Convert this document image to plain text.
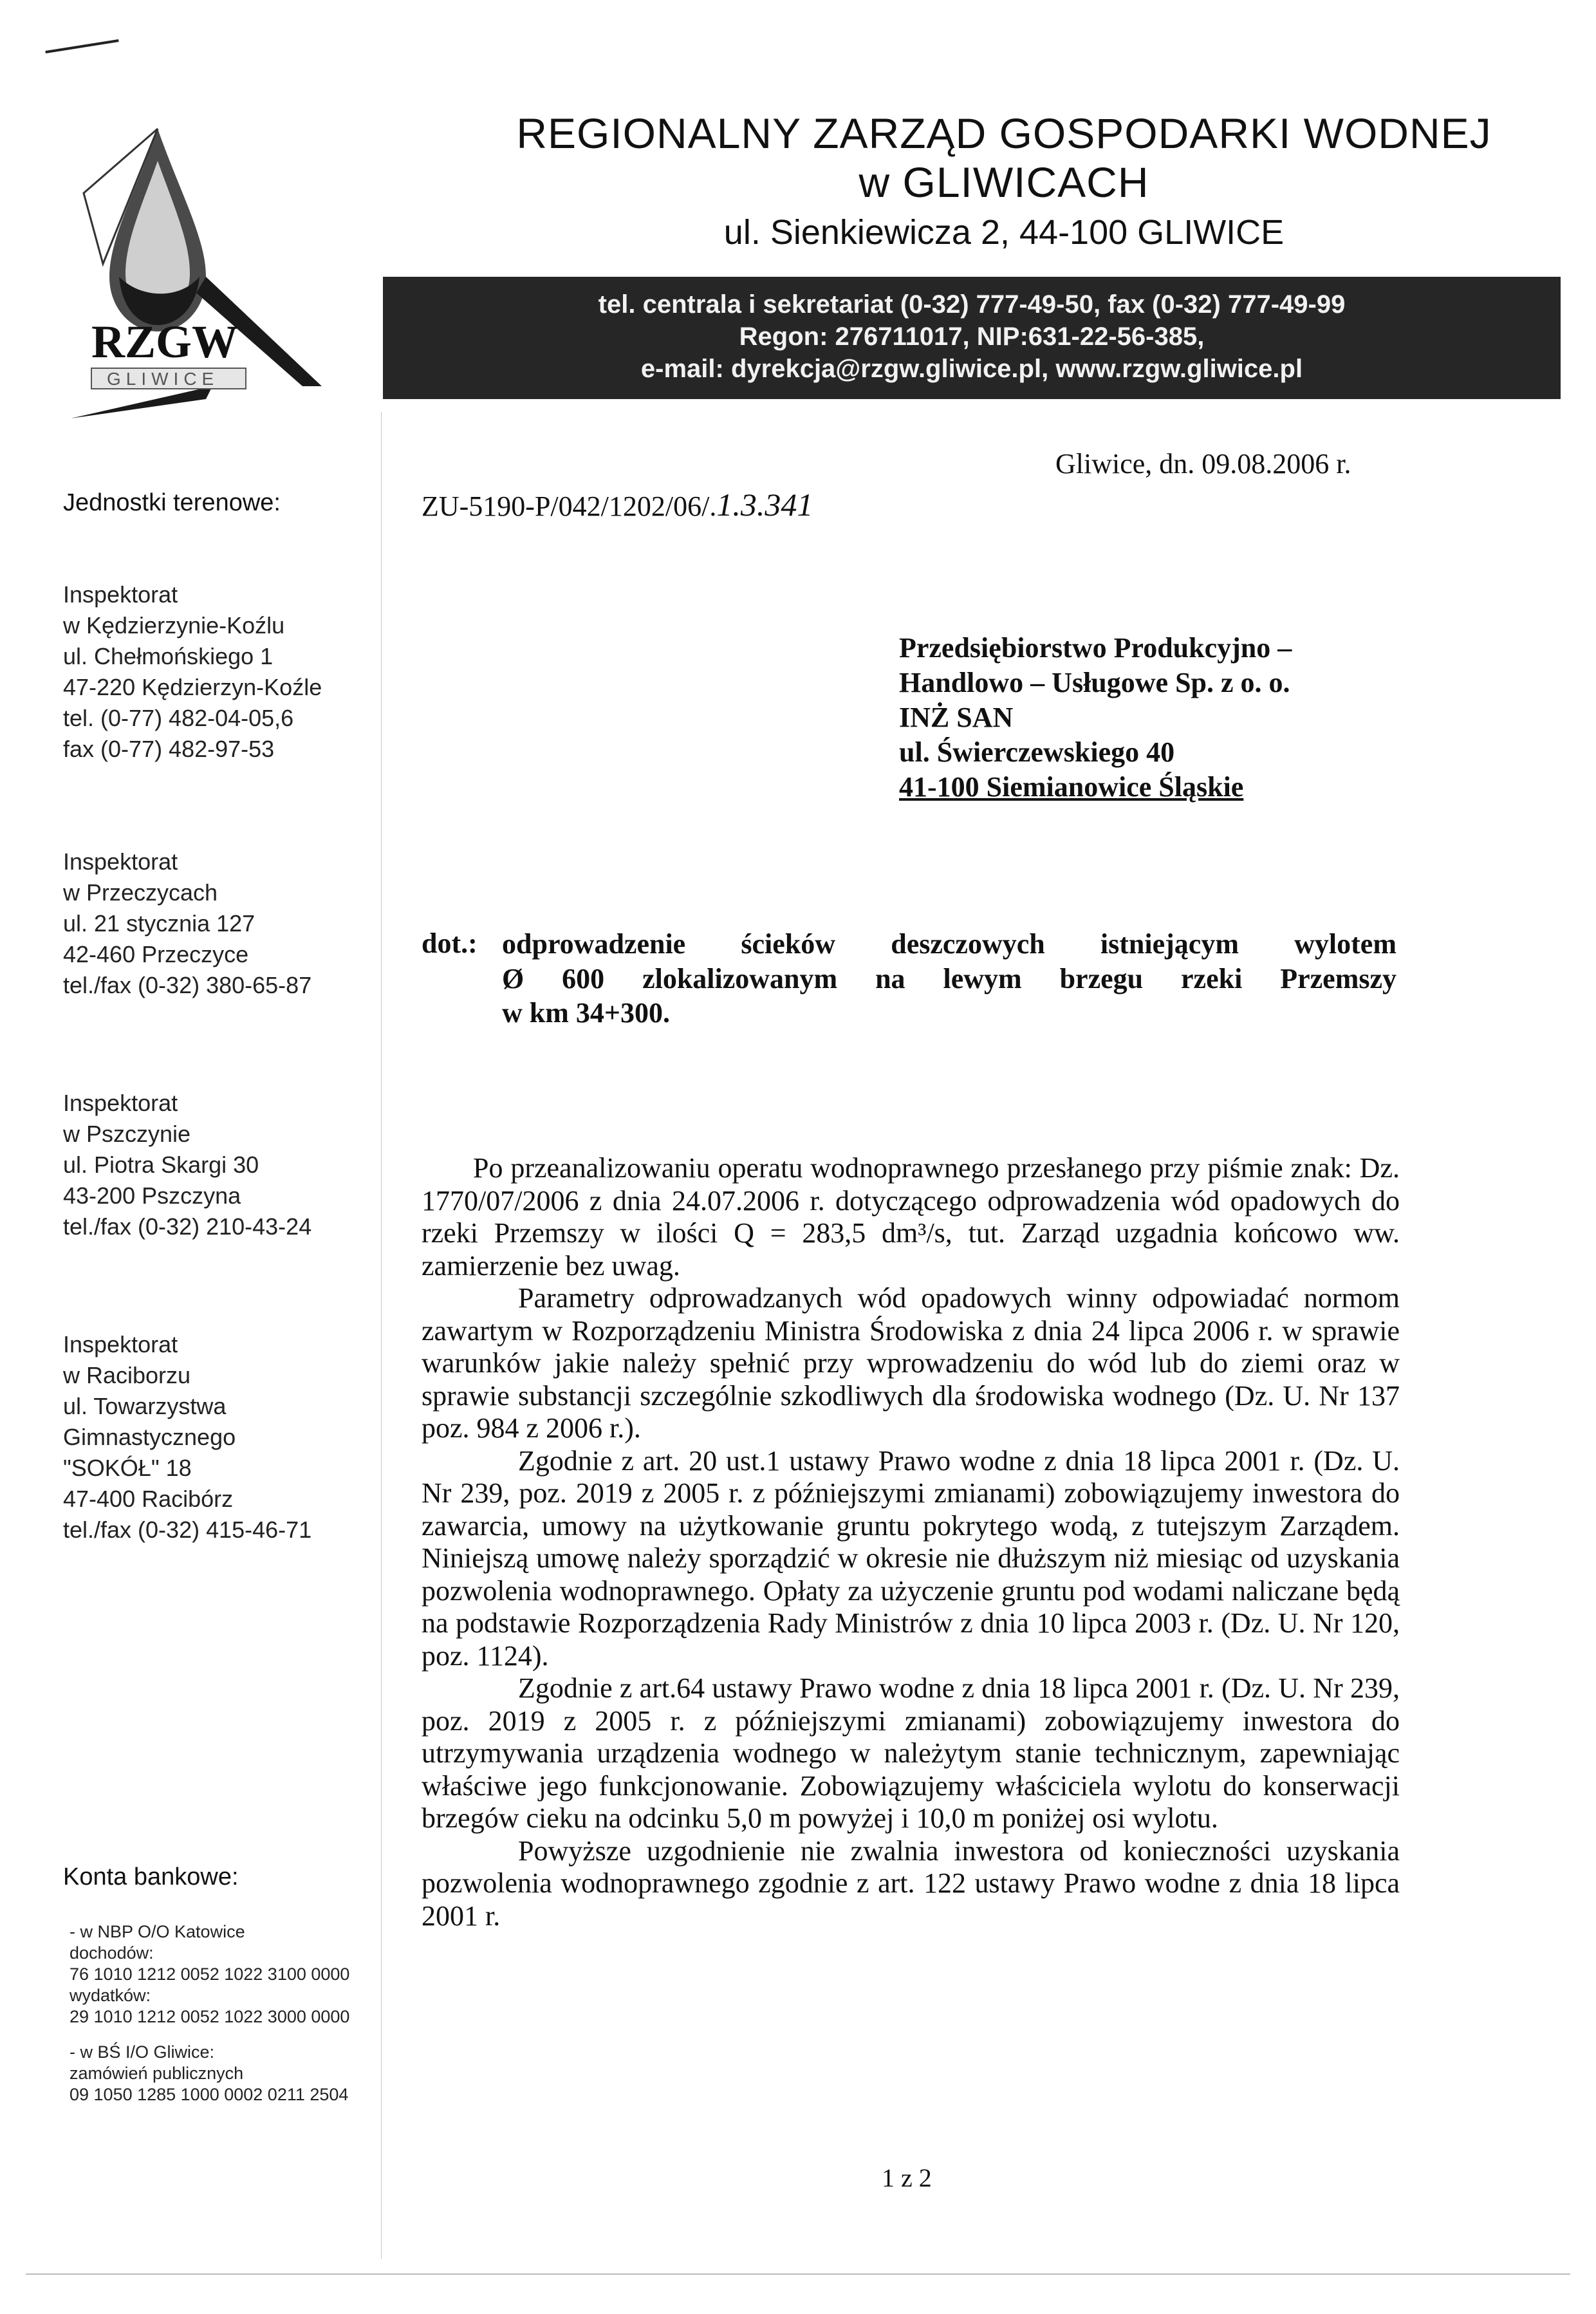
RZGW
GLIWICE
REGIONALNY ZARZĄD GOSPODARKI WODNEJ
w GLIWICACH
ul. Sienkiewicza 2, 44-100 GLIWICE
tel. centrala i sekretariat (0-32) 777-49-50, fax (0-32) 777-49-99
Regon: 276711017, NIP:631-22-56-385,
e-mail: dyrekcja@rzgw.gliwice.pl, www.rzgw.gliwice.pl
Jednostki terenowe:
Inspektorat
w Kędzierzynie-Koźlu
ul. Chełmońskiego 1
47-220 Kędzierzyn-Koźle
tel. (0-77) 482-04-05,6
fax (0-77) 482-97-53
Inspektorat
w Przeczycach
ul. 21 stycznia 127
42-460 Przeczyce
tel./fax (0-32) 380-65-87
Inspektorat
w Pszczynie
ul. Piotra Skargi 30
43-200 Pszczyna
tel./fax (0-32) 210-43-24
Inspektorat
w Raciborzu
ul. Towarzystwa
Gimnastycznego
"SOKÓŁ" 18
47-400 Racibórz
tel./fax (0-32) 415-46-71
Konta bankowe:
- w NBP O/O Katowice
dochodów:
76 1010 1212 0052 1022 3100 0000
wydatków:
29 1010 1212 0052 1022 3000 0000
- w BŚ I/O Gliwice:
zamówień publicznych
09 1050 1285 1000 0002 0211 2504
ZU-5190-P/042/1202/06/.1.3.341
Gliwice, dn. 09.08.2006 r.
Przedsiębiorstwo Produkcyjno –
Handlowo – Usługowe Sp. z o. o.
INŻ SAN
ul. Świerczewskiego 40
41-100 Siemianowice Śląskie
dot.: odprowadzenie ścieków deszczowych istniejącym wylotem
Ø 600 zlokalizowanym na lewym brzegu rzeki Przemszy
w km 34+300.

Po przeanalizowaniu operatu wodnoprawnego przesłanego przy piśmie znak: Dz. 1770/07/2006 z dnia 24.07.2006 r. dotyczącego odprowadzenia wód opadowych do rzeki Przemszy w ilości Q = 283,5 dm³/s, tut. Zarząd uzgadnia końcowo ww. zamierzenie bez uwag.

Parametry odprowadzanych wód opadowych winny odpowiadać normom zawartym w Rozporządzeniu Ministra Środowiska z dnia 24 lipca 2006 r. w sprawie warunków jakie należy spełnić przy wprowadzeniu do wód lub do ziemi oraz w sprawie substancji szczególnie szkodliwych dla środowiska wodnego (Dz. U. Nr 137 poz. 984 z 2006 r.).

Zgodnie z art. 20 ust.1 ustawy Prawo wodne z dnia 18 lipca 2001 r. (Dz. U. Nr 239, poz. 2019 z 2005 r. z późniejszymi zmianami) zobowiązujemy inwestora do zawarcia, umowy na użytkowanie gruntu pokrytego wodą, z tutejszym Zarządem. Niniejszą umowę należy sporządzić w okresie nie dłuższym niż miesiąc od uzyskania pozwolenia wodnoprawnego. Opłaty za użyczenie gruntu pod wodami naliczane będą na podstawie Rozporządzenia Rady Ministrów z dnia 10 lipca 2003 r. (Dz. U. Nr 120, poz. 1124).

Zgodnie z art.64 ustawy Prawo wodne z dnia 18 lipca 2001 r. (Dz. U. Nr 239, poz. 2019 z 2005 r. z późniejszymi zmianami) zobowiązujemy inwestora do utrzymywania urządzenia wodnego w należytym stanie technicznym, zapewniając właściwe jego funkcjonowanie. Zobowiązujemy właściciela wylotu do konserwacji brzegów cieku na odcinku 5,0 m powyżej i 10,0 m poniżej osi wylotu.

Powyższe uzgodnienie nie zwalnia inwestora od konieczności uzyskania pozwolenia wodnoprawnego zgodnie z art. 122 ustawy Prawo wodne z dnia 18 lipca 2001 r.

1 z 2
